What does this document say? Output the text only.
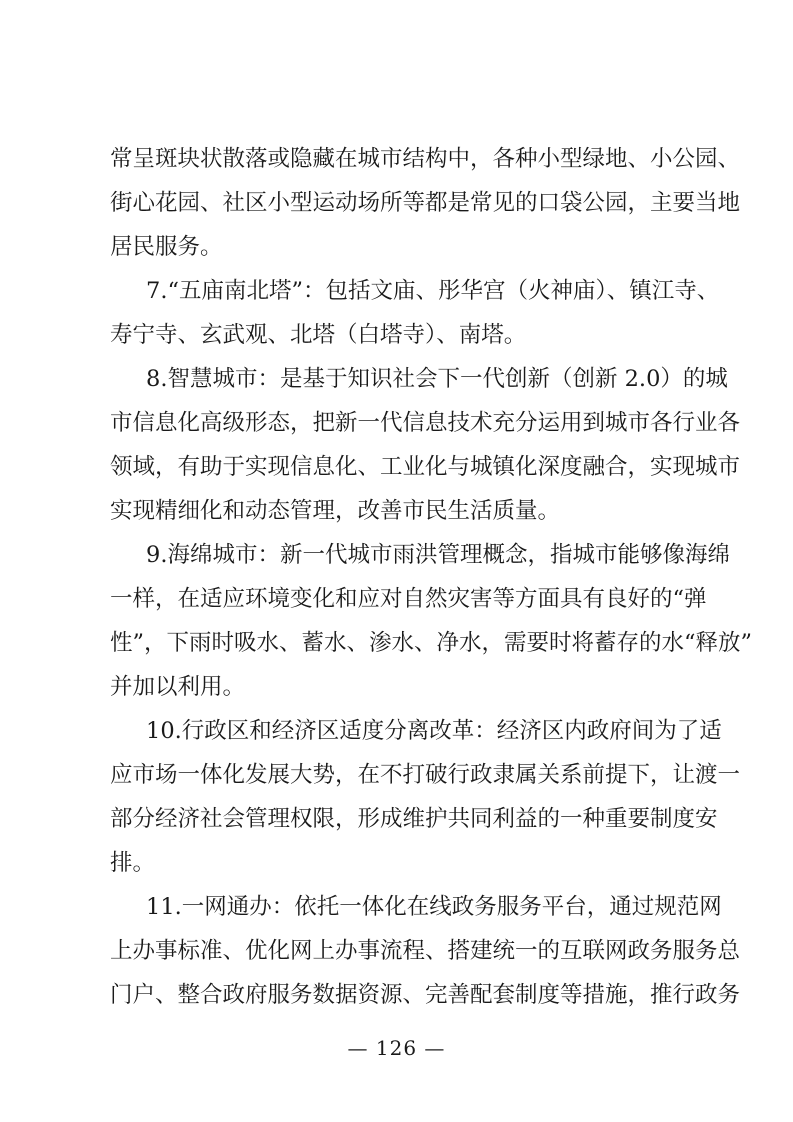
常呈斑块状散落或隐藏在城市结构中，各种小型绿地、小公园、
街心花园、社区小型运动场所等都是常见的口袋公园，主要当地
居民服务。
7.“五庙南北塔”：包括文庙、彤华宫（火神庙）、镇江寺、
寿宁寺、玄武观、北塔（白塔寺）、南塔。
8.智慧城市：是基于知识社会下一代创新（创新 2.0）的城
市信息化高级形态，把新一代信息技术充分运用到城市各行业各
领域，有助于实现信息化、工业化与城镇化深度融合，实现城市
实现精细化和动态管理，改善市民生活质量。
9.海绵城市：新一代城市雨洪管理概念，指城市能够像海绵
一样，在适应环境变化和应对自然灾害等方面具有良好的“弹
性”，下雨时吸水、蓄水、渗水、净水，需要时将蓄存的水“释放”
并加以利用。
10.行政区和经济区适度分离改革：经济区内政府间为了适
应市场一体化发展大势，在不打破行政隶属关系前提下，让渡一
部分经济社会管理权限，形成维护共同利益的一种重要制度安
排。
11.一网通办：依托一体化在线政务服务平台，通过规范网
上办事标准、优化网上办事流程、搭建统一的互联网政务服务总
门户、整合政府服务数据资源、完善配套制度等措施，推行政务
— 126 —
